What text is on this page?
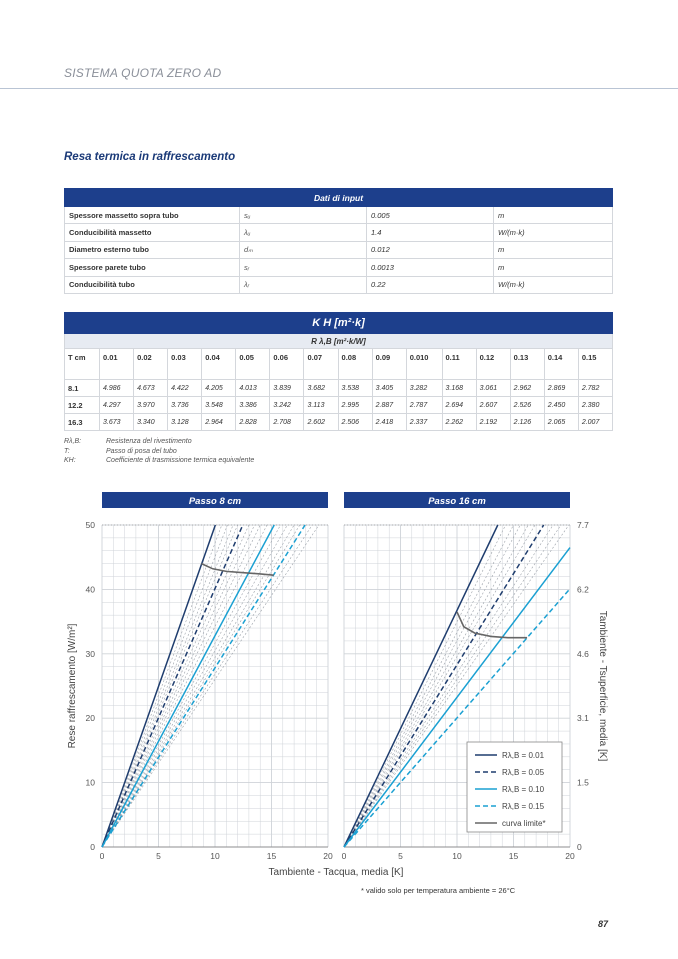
SISTEMA QUOTA ZERO AD
Resa termica in raffrescamento
Dati di input			
Spessore massetto sopra tubo	sᵤ	0.005	m
Conducibilità massetto	λᵤ	1.4	W/(m·k)
Diametro esterno tubo	dₘ	0.012	m
Spessore parete tubo	sᵣ	0.0013	m
Conducibilità tubo	λᵣ	0.22	W/(m·k)
K H [m²·k]															
R λ,B [m²·k/W]															
T cm	0.01	0.02	0.03	0.04	0.05	0.06	0.07	0.08	0.09	0.010	0.11	0.12	0.13	0.14	0.15
8.1	4.986	4.673	4.422	4.205	4.013	3.839	3.682	3.538	3.405	3.282	3.168	3.061	2.962	2.869	2.782
12.2	4.297	3.970	3.736	3.548	3.386	3.242	3.113	2.995	2.887	2.787	2.694	2.607	2.526	2.450	2.380
16.3	3.673	3.340	3.128	2.964	2.828	2.708	2.602	2.506	2.418	2.337	2.262	2.192	2.126	2.065	2.007
Rλ,B:	Resistenza del rivestimento
T:	Passo di posa del tubo
KH:	Coefficiente di trasmissione termica equivalente
Passo 8 cm
0	5	10	15	20
Passo 16 cm
0	5	10	15	20
0
10
20
30
40
50
0
1.5
3.1
4.6
6.2
7.7
Rese raffrescamento [W/m²]	Tambiente - Tsuperficie, media [K]
Tambiente - Tacqua, media [K]
Rλ,B = 0.01
Rλ,B = 0.05
Rλ,B = 0.10
Rλ,B = 0.15
curva limite*
* valido solo per temperatura ambiente = 26°C
87
